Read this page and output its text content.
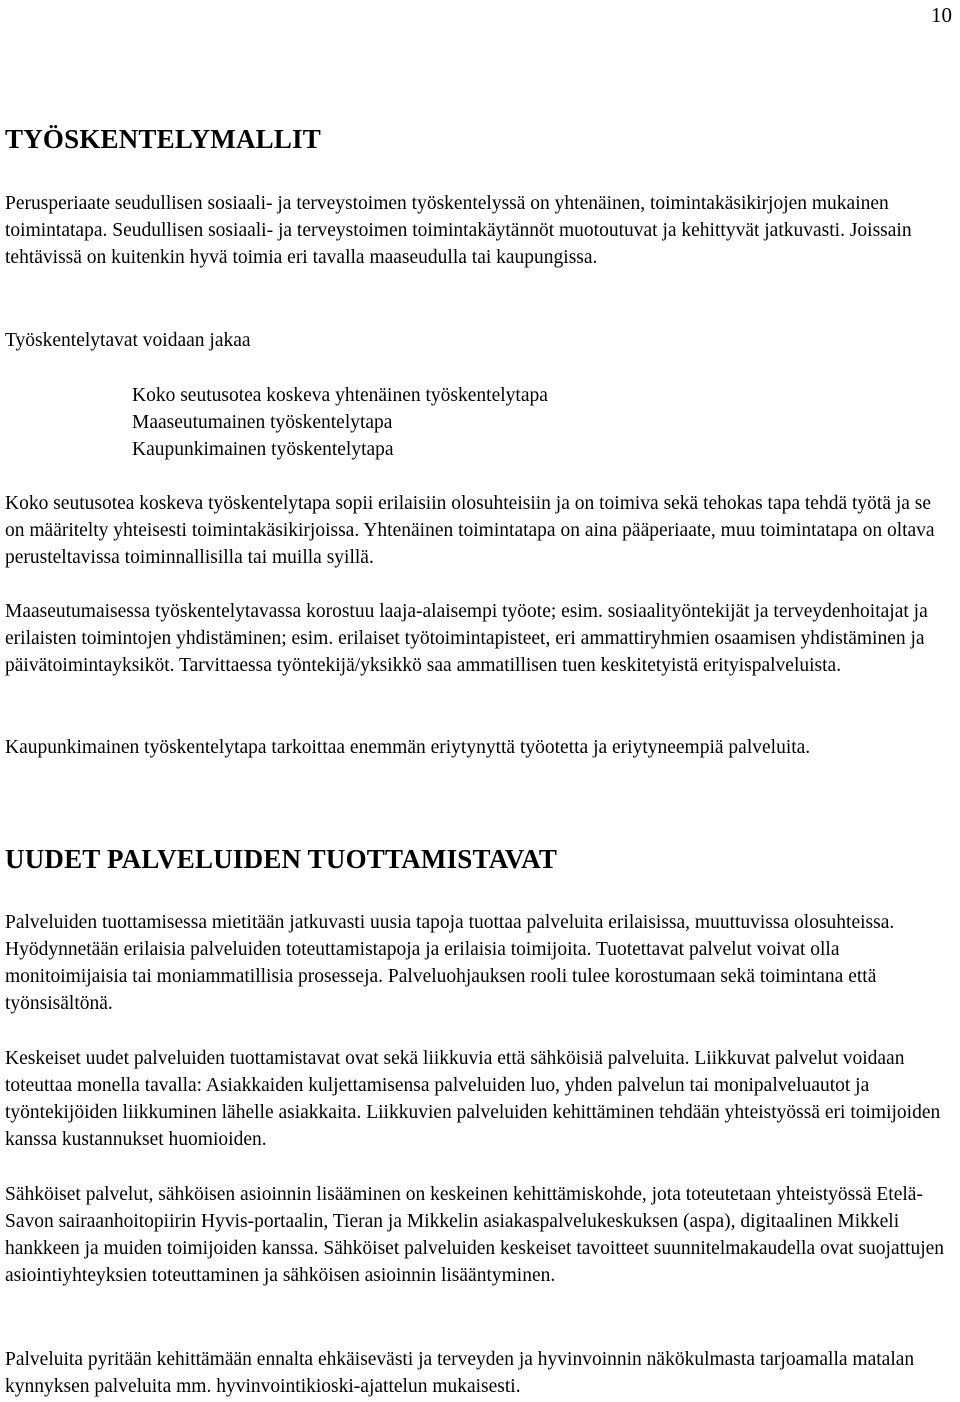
10
TYÖSKENTELYMALLIT

Perusperiaate seudullisen sosiaali- ja terveystoimen työskentelyssä on yhtenäinen, toimintakäsikirjojen mukainen toimintatapa. Seudullisen sosiaali- ja terveystoimen toimintakäytännöt muotoutuvat ja kehittyvät jatkuvasti. Joissain tehtävissä on kuitenkin hyvä toimia eri tavalla maaseudulla tai kaupungissa.

Työskentelytavat voidaan jakaa

Koko seutusotea koskeva yhtenäinen työskentelytapa
Maaseutumainen työskentelytapa
Kaupunkimainen työskentelytapa

Koko seutusotea koskeva työskentelytapa sopii erilaisiin olosuhteisiin ja on toimiva sekä tehokas tapa tehdä työtä ja se on määritelty yhteisesti toimintakäsikirjoissa. Yhtenäinen toimintatapa on aina pääperiaate, muu toimintatapa on oltava perusteltavissa toiminnallisilla tai muilla syillä.

Maaseutumaisessa työskentelytavassa korostuu laaja-alaisempi työote; esim. sosiaalityöntekijät ja terveydenhoitajat ja erilaisten toimintojen yhdistäminen; esim. erilaiset työtoimintapisteet, eri ammattiryhmien osaamisen yhdistäminen ja päivätoimintayksiköt. Tarvittaessa työntekijä/yksikkö saa ammatillisen tuen keskitetyistä erityispalveluista.

Kaupunkimainen työskentelytapa tarkoittaa enemmän eriytynyttä työotetta ja eriytyneempiä palveluita.

UUDET PALVELUIDEN TUOTTAMISTAVAT

Palveluiden tuottamisessa mietitään jatkuvasti uusia tapoja tuottaa palveluita erilaisissa, muuttuvissa olosuhteissa. Hyödynnetään erilaisia palveluiden toteuttamistapoja ja erilaisia toimijoita. Tuotettavat palvelut voivat olla monitoimijaisia tai moniammatillisia prosesseja. Palveluohjauksen rooli tulee korostumaan sekä toimintana että työnsisältönä.

Keskeiset uudet palveluiden tuottamistavat ovat sekä liikkuvia että sähköisiä palveluita. Liikkuvat palvelut voidaan toteuttaa monella tavalla: Asiakkaiden kuljettamisensa palveluiden luo, yhden palvelun tai monipalveluautot ja työntekijöiden liikkuminen lähelle asiakkaita. Liikkuvien palveluiden kehittäminen tehdään yhteistyössä eri toimijoiden kanssa kustannukset huomioiden.

Sähköiset palvelut, sähköisen asioinnin lisääminen on keskeinen kehittämiskohde, jota toteutetaan yhteistyössä Etelä-Savon sairaanhoitopiirin Hyvis-portaalin, Tieran ja Mikkelin asiakaspalvelukeskuksen (aspa), digitaalinen Mikkeli hankkeen ja muiden toimijoiden kanssa. Sähköiset palveluiden keskeiset tavoitteet suunnitelmakaudella ovat suojattujen asiointiyhteyksien toteuttaminen ja sähköisen asioinnin lisääntyminen.

Palveluita pyritään kehittämään ennalta ehkäisevästi ja terveyden ja hyvinvoinnin näkökulmasta tarjoamalla matalan kynnyksen palveluita mm. hyvinvointikioski-ajattelun mukaisesti.
